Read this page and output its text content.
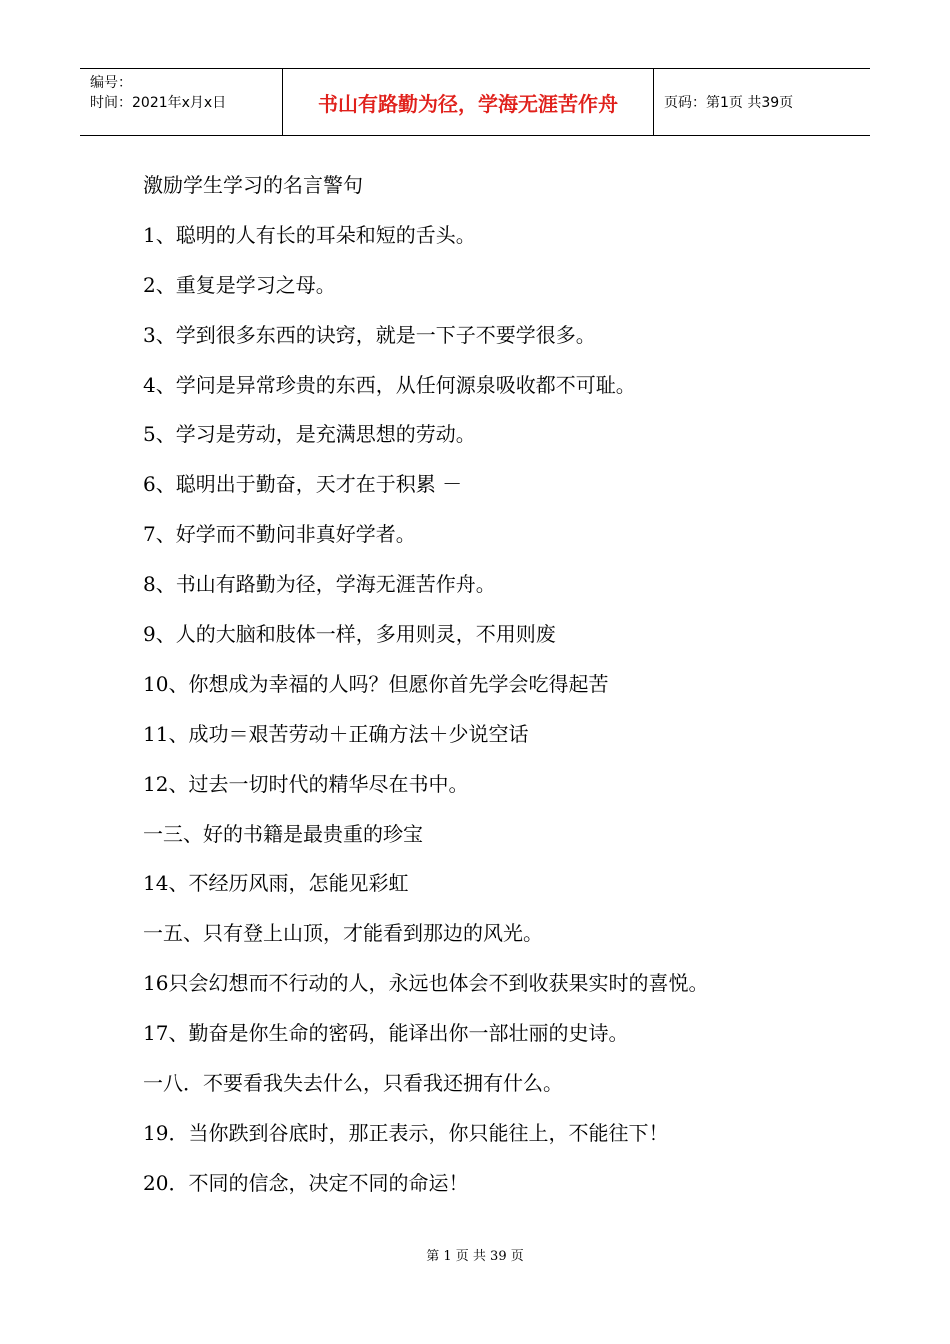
编号：
时间：2021年x月x日	书山有路勤为径，学海无涯苦作舟	页码：第1页 共39页
激励学生学习的名言警句
1、聪明的人有长的耳朵和短的舌头。
2、重复是学习之母。
3、学到很多东西的诀窍，就是一下子不要学很多。
4、学问是异常珍贵的东西，从任何源泉吸收都不可耻。
5、学习是劳动，是充满思想的劳动。
6、聪明出于勤奋，天才在于积累 －
7、好学而不勤问非真好学者。
8、书山有路勤为径，学海无涯苦作舟。
9、人的大脑和肢体一样，多用则灵，不用则废
10、你想成为幸福的人吗？但愿你首先学会吃得起苦
11、成功＝艰苦劳动＋正确方法＋少说空话
12、过去一切时代的精华尽在书中。
一三、好的书籍是最贵重的珍宝
14、不经历风雨，怎能见彩虹
一五、只有登上山顶，才能看到那边的风光。
16只会幻想而不行动的人，永远也体会不到收获果实时的喜悦。
17、勤奋是你生命的密码，能译出你一部壮丽的史诗。
一八．不要看我失去什么，只看我还拥有什么。
19．当你跌到谷底时，那正表示，你只能往上，不能往下！
20．不同的信念，决定不同的命运！
第 1 页 共 39 页
